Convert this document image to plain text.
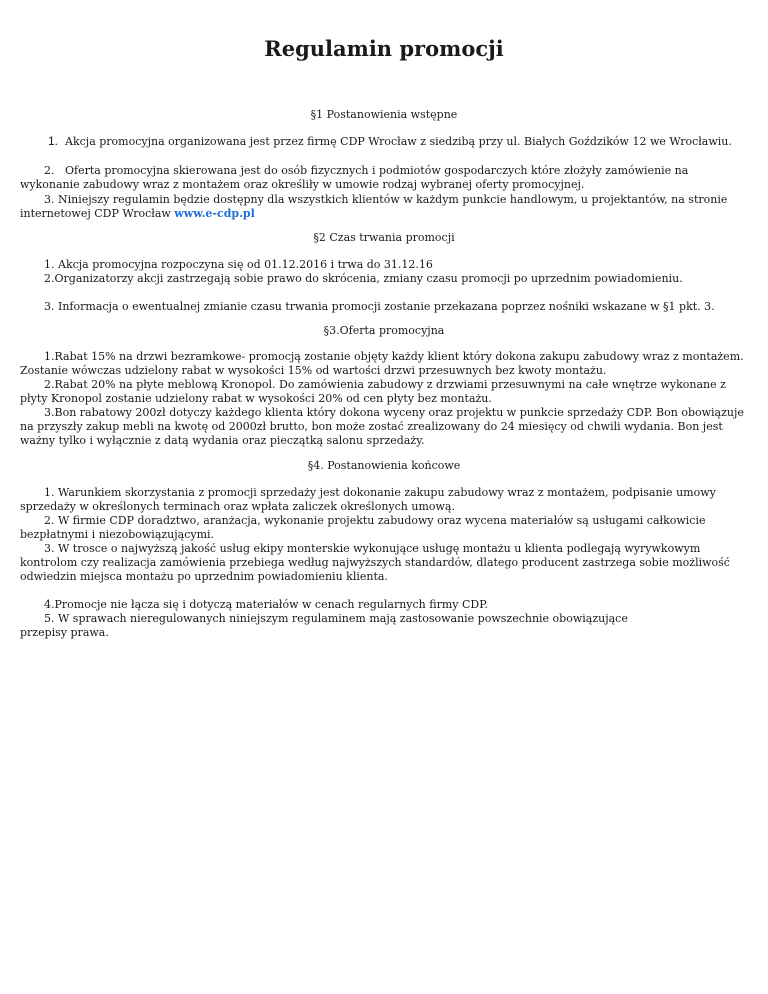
Regulamin promocji

§1 Postanowienia wstępne

1. Akcja promocyjna organizowana jest przez firmę CDP Wrocław z siedzibą przy ul. Białych Goździków 12 we Wrocławiu.

2. Oferta promocyjna skierowana jest do osób fizycznych i podmiotów gospodarczych które złożyły zamówienie na wykonanie zabudowy wraz z montażem oraz określiły w umowie rodzaj wybranej oferty promocyjnej.

3. Niniejszy regulamin będzie dostępny dla wszystkich klientów w każdym punkcie handlowym, u projektantów, na stronie internetowej CDP Wrocław www.e-cdp.pl

§2 Czas trwania promocji

1. Akcja promocyjna rozpoczyna się od 01.12.2016 i trwa do 31.12.16

2.Organizatorzy akcji zastrzegają sobie prawo do skrócenia, zmiany czasu promocji po uprzednim powiadomieniu.

3. Informacja o ewentualnej zmianie czasu trwania promocji zostanie przekazana poprzez nośniki wskazane w §1 pkt. 3.

§3.Oferta promocyjna

1.Rabat 15% na drzwi bezramkowe- promocją zostanie objęty każdy klient który dokona zakupu zabudowy wraz z montażem. Zostanie wówczas udzielony rabat w wysokości 15% od wartości drzwi przesuwnych bez kwoty montażu.

2.Rabat 20% na płyte meblową Kronopol. Do zamówienia zabudowy z drzwiami przesuwnymi na całe wnętrze wykonane z płyty Kronopol zostanie udzielony rabat w wysokości 20% od cen płyty bez montażu.

3.Bon rabatowy 200zł dotyczy każdego klienta który dokona wyceny oraz projektu w punkcie sprzedaży CDP. Bon obowiązuje na przyszły zakup mebli na kwotę od 2000zł brutto, bon może zostać zrealizowany do 24 miesięcy od chwili wydania. Bon jest ważny tylko i wyłącznie z datą wydania oraz pieczątką salonu sprzedaży.

§4. Postanowienia końcowe

1. Warunkiem skorzystania z promocji sprzedaży jest dokonanie zakupu zabudowy wraz z montażem, podpisanie umowy sprzedaży w określonych terminach oraz wpłata zaliczek określonych umową.

2. W firmie CDP doradztwo, aranżacja, wykonanie projektu zabudowy oraz wycena materiałów są usługami całkowicie bezpłatnymi i niezobowiązującymi.

3. W trosce o najwyższą jakość usług ekipy monterskie wykonujące usługę montażu u klienta podlegają wyrywkowym kontrolom czy realizacja zamówienia przebiega według najwyższych standardów, dlatego producent zastrzega sobie możliwość odwiedzin miejsca montażu po uprzednim powiadomieniu klienta.

4.Promocje nie łącza się i dotyczą materiałów w cenach regularnych firmy CDP.

5. W sprawach nieregulowanych niniejszym regulaminem mają zastosowanie powszechnie obowiązujące przepisy prawa.
